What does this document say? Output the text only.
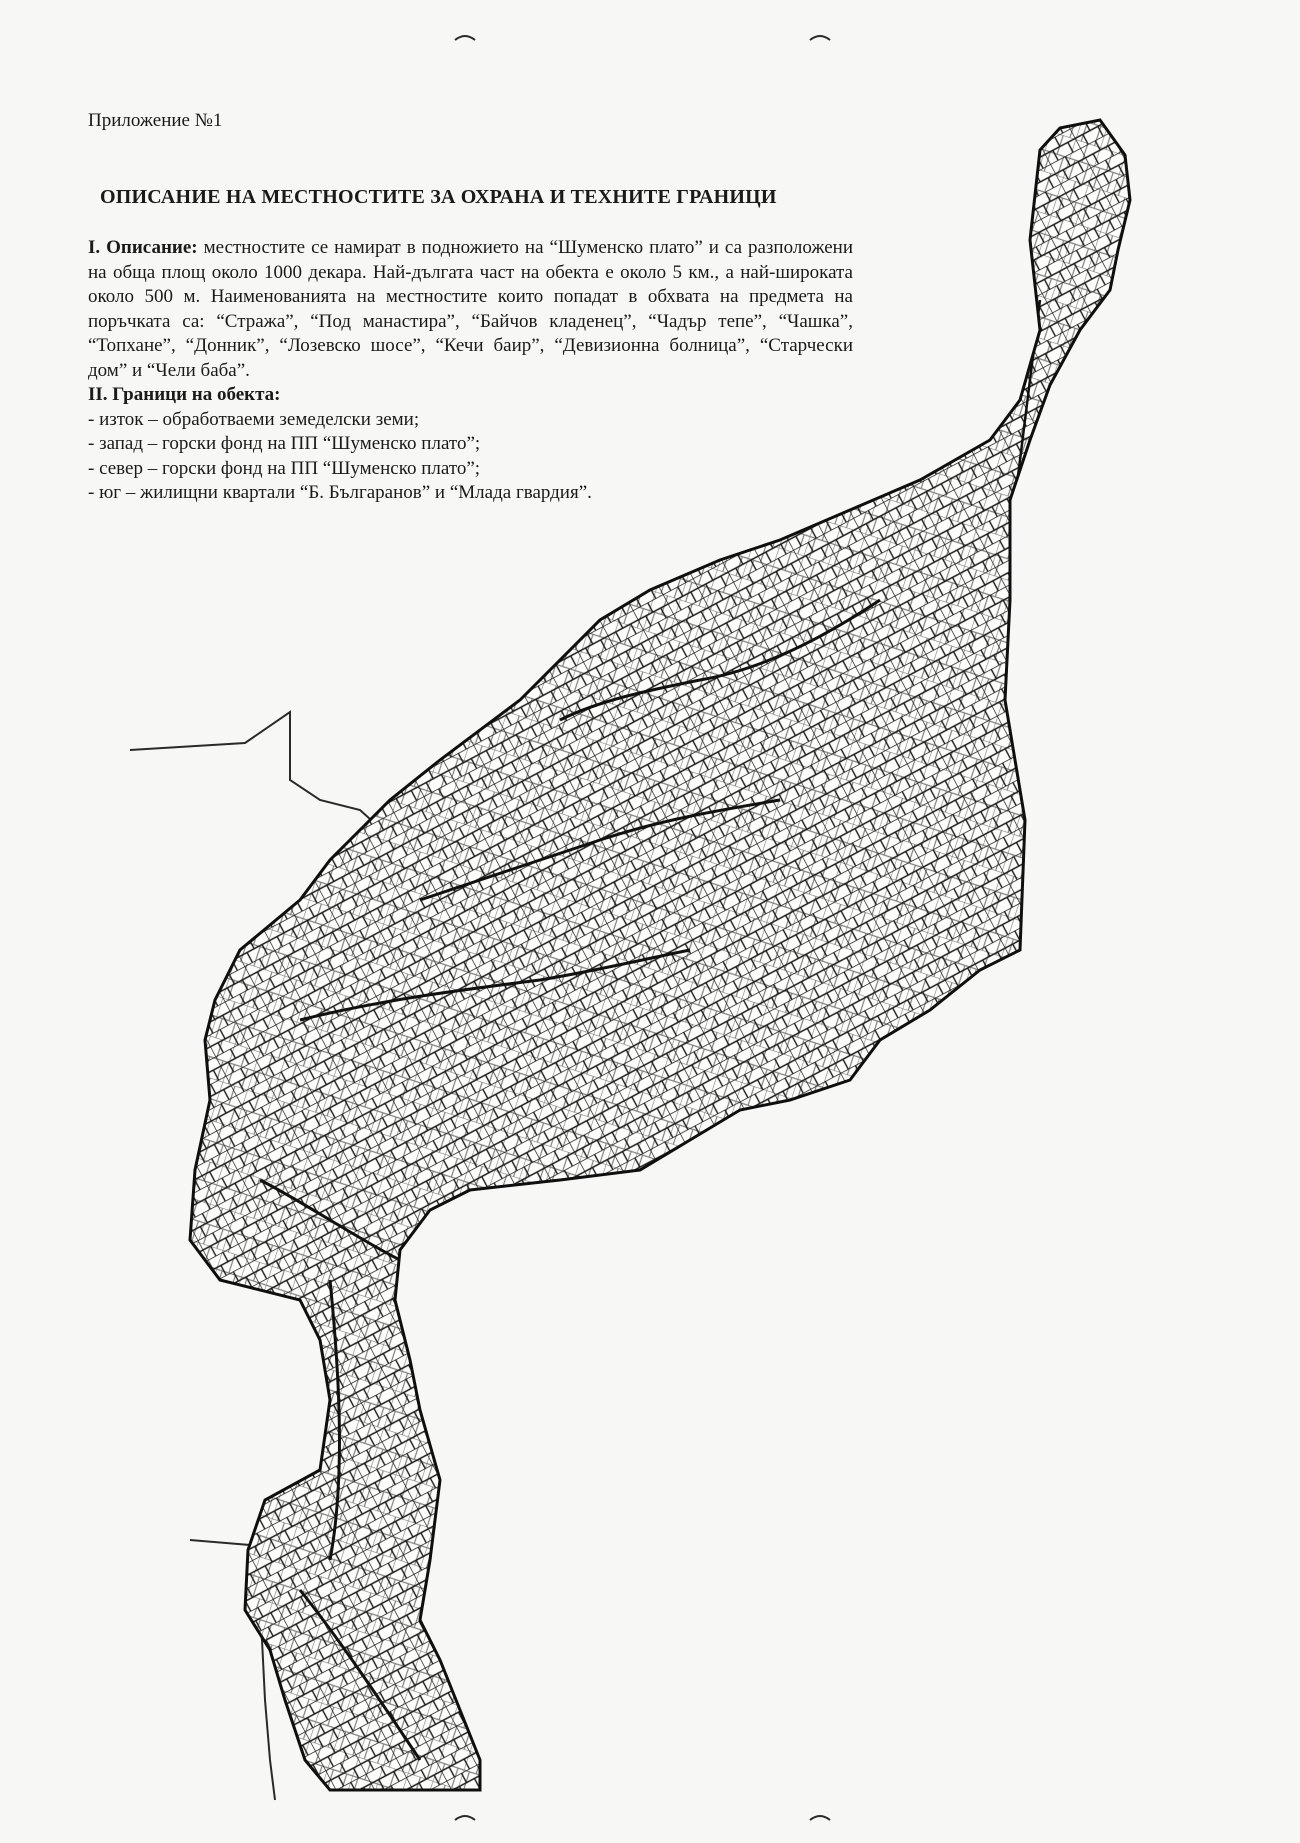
Приложение №1
ОПИСАНИЕ НА МЕСТНОСТИТЕ ЗА ОХРАНА И ТЕХНИТЕ ГРАНИЦИ

I. Описание: местностите се намират в подножието на “Шуменско плато” и са разположени на обща площ около 1000 декара. Най-дългата част на обекта е около 5 км., а най-широката около 500 м. Наименованията на местностите които попадат в обхвата на предмета на поръчката са: “Стража”, “Под манастира”, “Байчов кладенец”, “Чадър тепе”, “Чашка”, “Топхане”, “Донник”, “Лозевско шосе”, “Кечи баир”, “Девизионна болница”, “Старчески дом” и “Чели баба”.

II. Граници на обекта:

- изток – обработваеми земеделски земи;
- запад – горски фонд на ПП “Шуменско плато”;
- север – горски фонд на ПП “Шуменско плато”;
- юг – жилищни квартали “Б. Българанов” и “Млада гвардия”.
